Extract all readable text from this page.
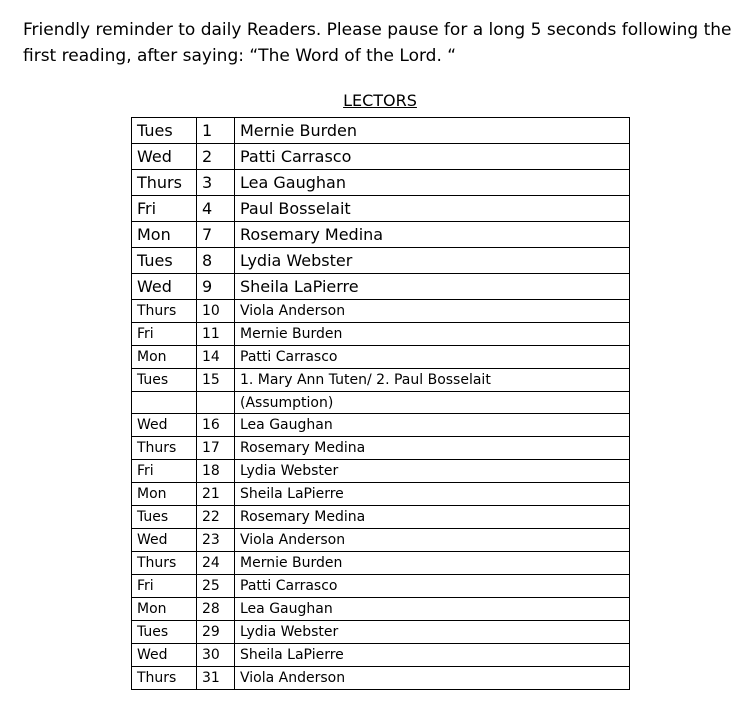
Friendly reminder to daily Readers. Please pause for a long 5 seconds following the
first reading, after saying: “The Word of the Lord. “
LECTORS
Tues	1	Mernie Burden
Wed	2	Patti Carrasco
Thurs	3	Lea Gaughan
Fri	4	Paul Bosselait
Mon	7	Rosemary Medina
Tues	8	Lydia Webster
Wed	9	Sheila LaPierre
Thurs	10	Viola Anderson
Fri	11	Mernie Burden
Mon	14	Patti Carrasco
Tues	15	1. Mary Ann Tuten/ 2. Paul Bosselait
		(Assumption)
Wed	16	Lea Gaughan
Thurs	17	Rosemary Medina
Fri	18	Lydia Webster
Mon	21	Sheila LaPierre
Tues	22	Rosemary Medina
Wed	23	Viola Anderson
Thurs	24	Mernie Burden
Fri	25	Patti Carrasco
Mon	28	Lea Gaughan
Tues	29	Lydia Webster
Wed	30	Sheila LaPierre
Thurs	31	Viola Anderson
